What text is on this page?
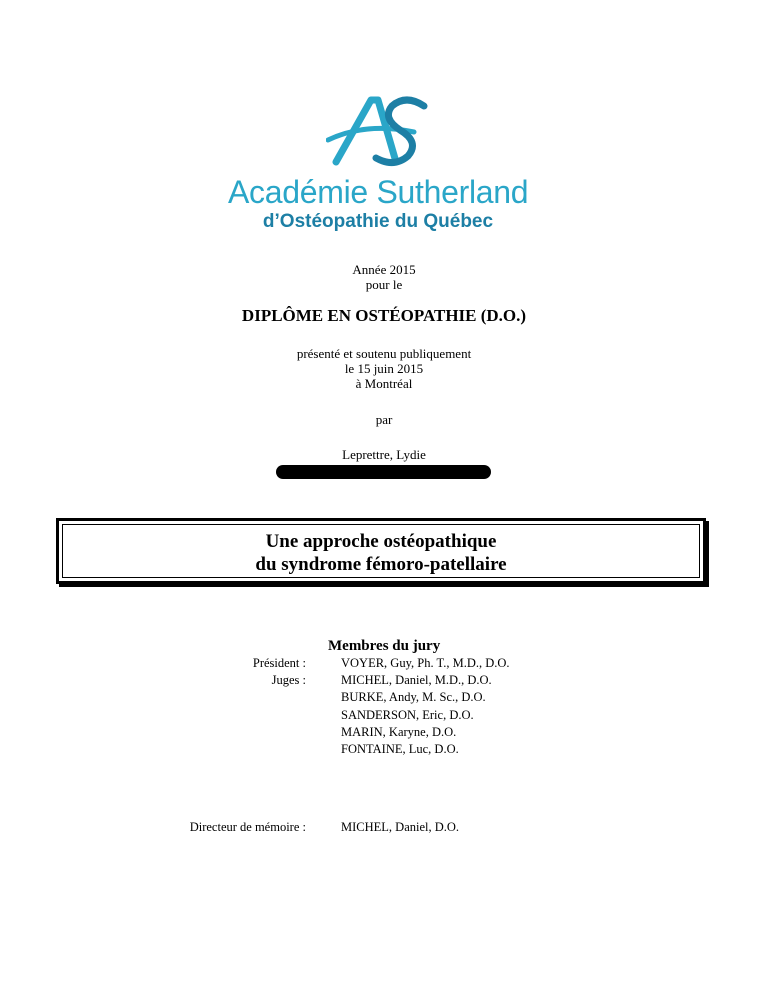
Académie Sutherland
d’Ostéopathie du Québec
Année 2015
pour le
DIPLÔME EN OSTÉOPATHIE (D.O.)
présenté et soutenu publiquement
le 15 juin 2015
à Montréal
par
Leprettre, Lydie
Une approche ostéopathique
du syndrome fémoro-patellaire
Membres du jury
Président :
Juges :
VOYER, Guy, Ph. T., M.D., D.O.
MICHEL, Daniel, M.D., D.O.
BURKE, Andy, M. Sc., D.O.
SANDERSON, Eric, D.O.
MARIN, Karyne, D.O.
FONTAINE, Luc, D.O.
Directeur de mémoire :	MICHEL, Daniel, D.O.
